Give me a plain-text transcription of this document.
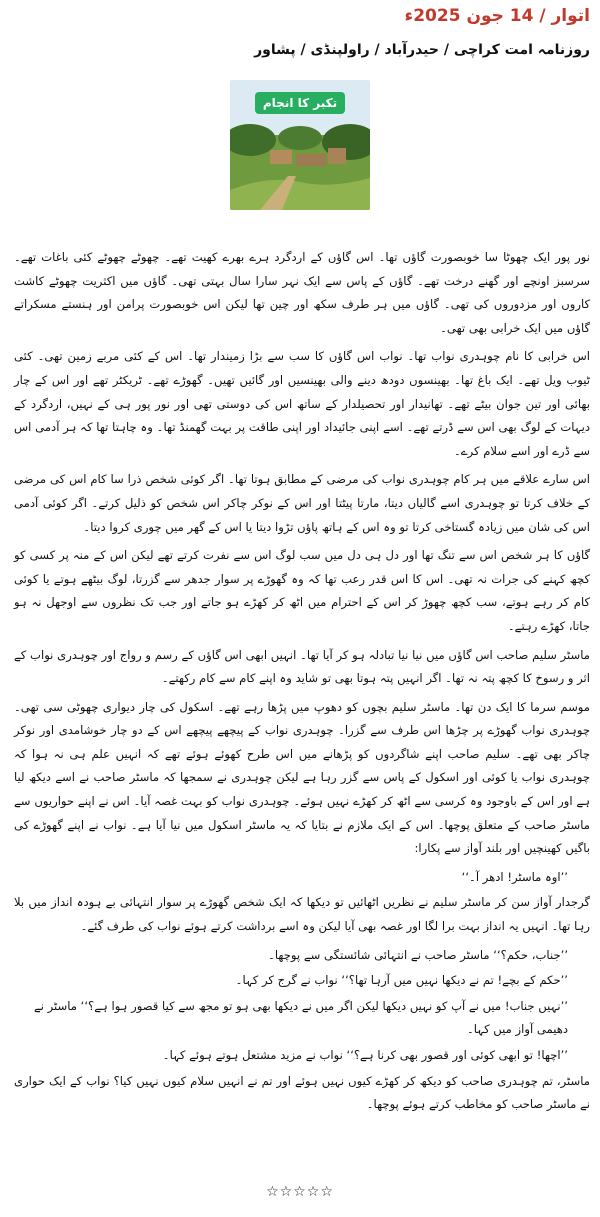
اتوار / 14 جون 2025ء
روزنامہ امت کراچی / حیدرآباد / راولپنڈی / پشاور
تکبر کا انجام

نور پور ایک چھوٹا سا خوبصورت گاؤں تھا۔ اس گاؤں کے اردگرد ہرے بھرے کھیت تھے۔ چھوٹے چھوٹے کئی باغات تھے۔ سرسبز اونچے اور گھنے درخت تھے۔ گاؤں کے پاس سے ایک نہر سارا سال بہتی تھی۔ گاؤں میں اکثریت چھوٹے کاشت کاروں اور مزدوروں کی تھی۔ گاؤں میں ہر طرف سکھ اور چین تھا لیکن اس خوبصورت پرامن اور ہنستے مسکراتے گاؤں میں ایک خرابی بھی تھی۔

اس خرابی کا نام چوہدری نواب تھا۔ نواب اس گاؤں کا سب سے بڑا زمیندار تھا۔ اس کے کئی مربے زمین تھی۔ کئی ٹیوب ویل تھے۔ ایک باغ تھا۔ بھینسوں دودھ دینے والی بھینسیں اور گائیں تھیں۔ گھوڑے تھے۔ ٹریکٹر تھے اور اس کے چار بھائی اور تین جوان بیٹے تھے۔ تھانیدار اور تحصیلدار کے ساتھ اس کی دوستی تھی اور نور پور ہی کے نہیں، اردگرد کے دیہات کے لوگ بھی اس سے ڈرتے تھے۔ اسے اپنی جائیداد اور اپنی طاقت پر بہت گھمنڈ تھا۔ وہ چاہتا تھا کہ ہر آدمی اس سے ڈرے اور اسے سلام کرے۔

اس سارے علاقے میں ہر کام چوہدری نواب کی مرضی کے مطابق ہوتا تھا۔ اگر کوئی شخص ذرا سا کام اس کی مرضی کے خلاف کرتا تو چوہدری اسے گالیاں دیتا، مارتا پیٹتا اور اس کے نوکر چاکر اس شخص کو ذلیل کرتے۔ اگر کوئی آدمی اس کی شان میں زیادہ گستاخی کرتا تو وہ اس کے ہاتھ پاؤں تڑوا دیتا یا اس کے گھر میں چوری کروا دیتا۔

گاؤں کا ہر شخص اس سے تنگ تھا اور دل ہی دل میں سب لوگ اس سے نفرت کرتے تھے لیکن اس کے منہ پر کسی کو کچھ کہنے کی جرات نہ تھی۔ اس کا اس قدر رعب تھا کہ وہ گھوڑے پر سوار جدھر سے گزرتا، لوگ بیٹھے ہوتے یا کوئی کام کر رہے ہوتے، سب کچھ چھوڑ کر اس کے احترام میں اٹھ کر کھڑے ہو جاتے اور جب تک نظروں سے اوجھل نہ ہو جاتا، کھڑے رہتے۔

ماسٹر سلیم صاحب اس گاؤں میں نیا نیا تبادلہ ہو کر آیا تھا۔ انہیں ابھی اس گاؤں کے رسم و رواج اور چوہدری نواب کے اثر و رسوخ کا کچھ پتہ نہ تھا۔ اگر انہیں پتہ ہوتا بھی تو شاید وہ اپنے کام سے کام رکھتے۔

موسم سرما کا ایک دن تھا۔ ماسٹر سلیم بچوں کو دھوپ میں پڑھا رہے تھے۔ اسکول کی چار دیواری چھوٹی سی تھی۔ چوہدری نواب گھوڑے پر چڑھا اس طرف سے گزرا۔ چوہدری نواب کے پیچھے پیچھے اس کے دو چار خوشامدی اور نوکر چاکر بھی تھے۔ سلیم صاحب اپنے شاگردوں کو پڑھانے میں اس طرح کھوئے ہوئے تھے کہ انہیں علم ہی نہ ہوا کہ چوہدری نواب یا کوئی اور اسکول کے پاس سے گزر رہا ہے لیکن چوہدری نے سمجھا کہ ماسٹر صاحب نے اسے دیکھ لیا ہے اور اس کے باوجود وہ کرسی سے اٹھ کر کھڑے نہیں ہوئے۔ چوہدری نواب کو بہت غصہ آیا۔ اس نے اپنے حواریوں سے ماسٹر صاحب کے متعلق پوچھا۔ اس کے ایک ملازم نے بتایا کہ یہ ماسٹر اسکول میں نیا آیا ہے۔ نواب نے اپنے گھوڑے کی باگیں کھینچیں اور بلند آواز سے پکارا:

’’اوہ ماسٹر! ادھر آ۔‘‘

گرجدار آواز سن کر ماسٹر سلیم نے نظریں اٹھائیں تو دیکھا کہ ایک شخص گھوڑے پر سوار انتہائی بے ہودہ انداز میں بلا رہا تھا۔ انہیں یہ انداز بہت برا لگا اور غصہ بھی آیا لیکن وہ اسے برداشت کرتے ہوئے نواب کی طرف گئے۔

’’جناب، حکم؟‘‘ ماسٹر صاحب نے انتہائی شائستگی سے پوچھا۔

’’حکم کے بچے! تم نے دیکھا نہیں میں آرہا تھا؟‘‘ نواب نے گرج کر کہا۔

’’نہیں جناب! میں نے آپ کو نہیں دیکھا لیکن اگر میں نے دیکھا بھی ہو تو مجھ سے کیا قصور ہوا ہے؟‘‘ ماسٹر نے دھیمی آواز میں کہا۔

’’اچھا! تو ابھی کوئی اور قصور بھی کرنا ہے؟‘‘ نواب نے مزید مشتعل ہوتے ہوئے کہا۔

ماسٹر، تم چوہدری صاحب کو دیکھ کر کھڑے کیوں نہیں ہوئے اور تم نے انہیں سلام کیوں نہیں کیا؟ نواب کے ایک حواری نے ماسٹر صاحب کو مخاطب کرتے ہوئے پوچھا۔

☆☆☆☆☆
